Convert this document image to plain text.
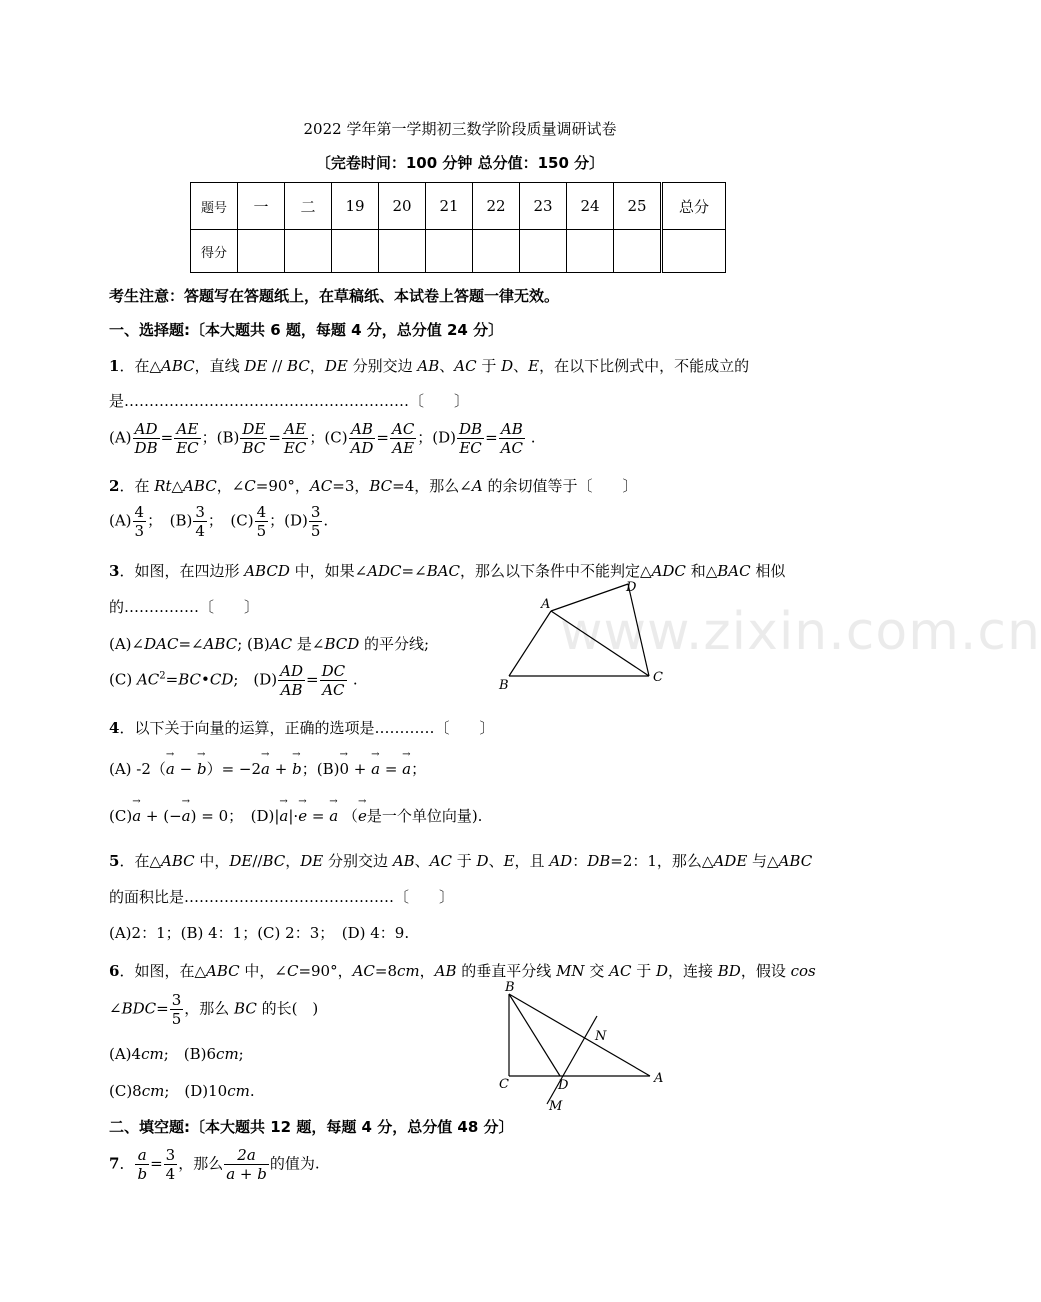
2022 学年第一学期初三数学阶段质量调研试卷
〔完卷时间：100 分钟 总分值：150 分〕
题号	一	二	19	20	21	22	23	24	25	总分
得分										
考生注意：答题写在答题纸上，在草稿纸、本试卷上答题一律无效。
一、选择题:〔本大题共 6 题，每题 4 分，总分值 24 分〕
1．在△ABC，直线 DE // BC，DE 分别交边 AB、AC 于 D、E，在以下比例式中，不能成立的
是…………………………………………………〔　　〕
$(A) \frac{AD}{DB} = \frac{AE}{EC}$ ；$(B) \frac{DE}{BC} = \frac{AE}{EC}$ ；$(C) \frac{AB}{AD} = \frac{AC}{AE}$ ；$(D) \frac{DB}{EC} = \frac{AB}{AC}$ .
2．在 Rt△ABC，∠C=90°，AC=3，BC=4，那么∠A 的余切值等于〔　　〕
$(A) \frac{4}{3}$ ；　$(B) \frac{3}{4}$ ；　$(C) \frac{4}{5}$ ；$(D) \frac{3}{5}$ .
3．如图，在四边形 ABCD 中，如果∠ADC=∠BAC，那么以下条件中不能判定△ADC 和△BAC 相似
的……………〔　　〕
(A)∠DAC=∠ABC; (B)AC 是∠BCD 的平分线;
(C) $AC^2=BC•CD$;　$(D) \frac{AD}{AB} = \frac{DC}{AC}$ .
A
B
C
D
4．以下关于向量的运算，正确的选项是…………〔　　〕
(A) -2（→ a − → b）= −2→ a + → b；(B)→ 0 + → a = → a；
(C)→ a + (−→ a) = 0；　(D)|→ a|·→ e = → a （→ e是一个单位向量).
5．在△ABC 中，DE//BC，DE 分别交边 AB、AC 于 D、E，且 AD：DB=2：1，那么△ADE 与△ABC
的面积比是……………………………………〔　　〕
(A)2：1；(B) 4：1；(C) 2：3；　(D) 4：9.
6．如图，在△ABC 中，∠C=90°，AC=8cm，AB 的垂直平分线 MN 交 AC 于 D，连接 BD，假设 cos
∠BDC= $\frac{3}{5}$ ，那么 BC 的长(　)
(A)4cm;　(B)6cm;
(C)8cm;　(D)10cm.
B
C	D	A
N
M
二、填空题:〔本大题共 12 题，每题 4 分，总分值 48 分〕
7． $\frac{a}{b} = \frac{3}{4}$ ，那么 $\frac{2a}{a + b}$ 的值为.
www.zixin.com.cn
